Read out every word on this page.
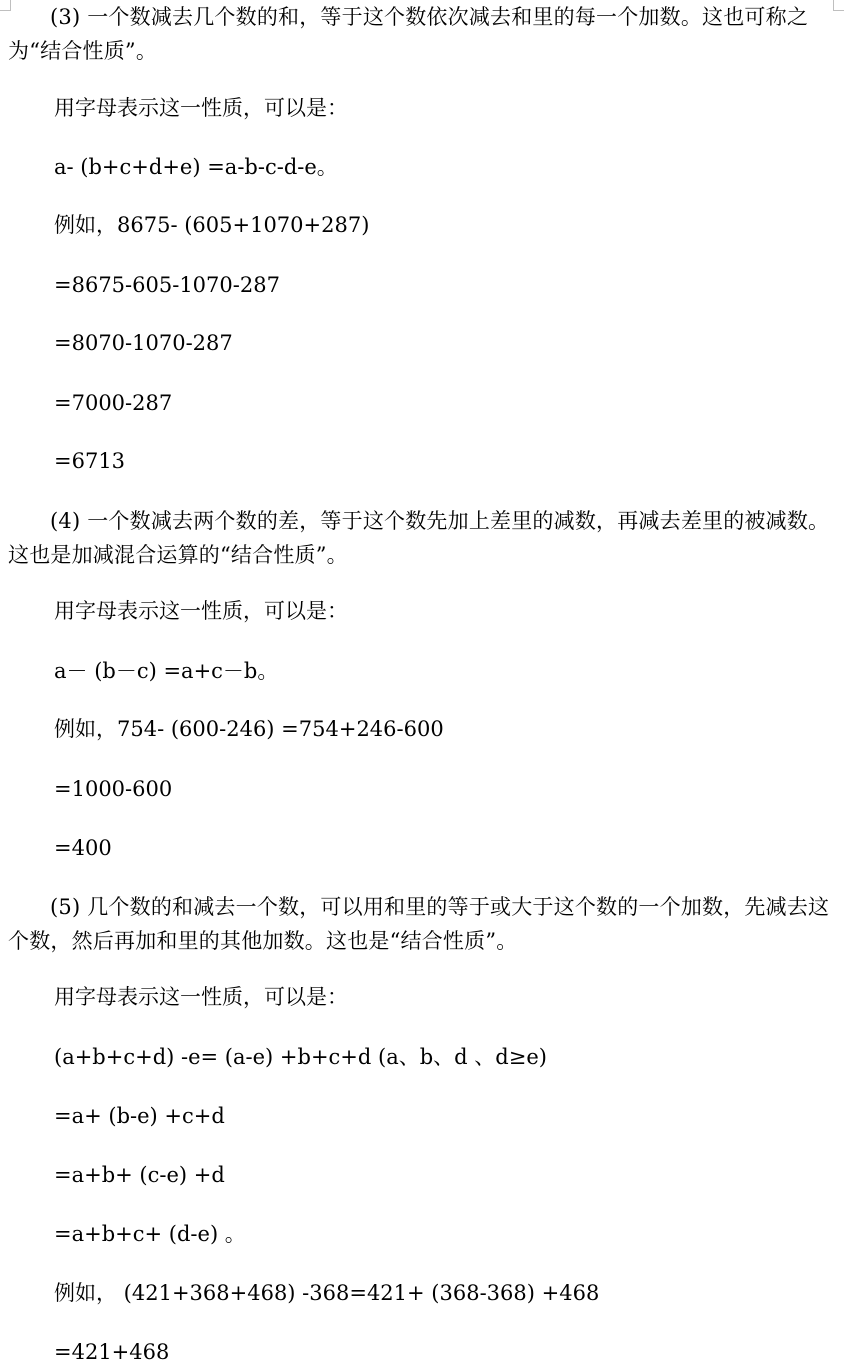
(3) 一个数减去几个数的和，等于这个数依次减去和里的每一个加数。这也可称之为“结合性质”。
用字母表示这一性质，可以是：
a- (b+c+d+e) =a-b-c-d-e。
例如，8675- (605+1070+287)
=8675-605-1070-287
=8070-1070-287
=7000-287
=6713
(4) 一个数减去两个数的差，等于这个数先加上差里的减数，再减去差里的被减数。这也是加减混合运算的“结合性质”。
用字母表示这一性质，可以是：
a－ (b－c) =a+c－b。
例如，754- (600-246) =754+246-600
=1000-600
=400
(5) 几个数的和减去一个数，可以用和里的等于或大于这个数的一个加数，先减去这个数，然后再加和里的其他加数。这也是“结合性质”。
用字母表示这一性质，可以是：
(a+b+c+d) -e= (a-e) +b+c+d (a、b、d 、d≥e)
=a+ (b-e) +c+d
=a+b+ (c-e) +d
=a+b+c+ (d-e) 。
例如， (421+368+468) -368=421+ (368-368) +468
=421+468
